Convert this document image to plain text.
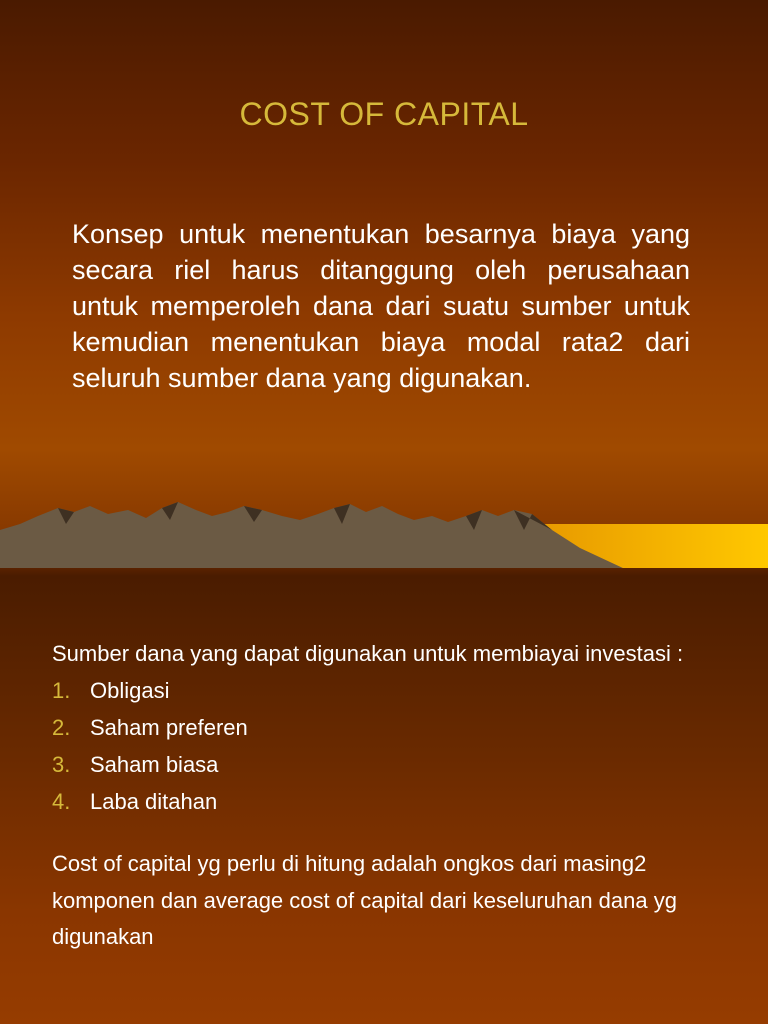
COST OF CAPITAL
Konsep untuk menentukan besarnya biaya yang secara riel harus ditanggung oleh perusahaan untuk memperoleh dana dari suatu sumber untuk kemudian menentukan biaya modal rata2 dari seluruh sumber dana yang digunakan.

Sumber dana yang dapat digunakan untuk membiayai investasi :

1. Obligasi
2. Saham preferen
3. Saham biasa
4. Laba ditahan

Cost of capital yg perlu di hitung adalah ongkos dari masing2 komponen dan average cost of capital dari keseluruhan dana yg digunakan
